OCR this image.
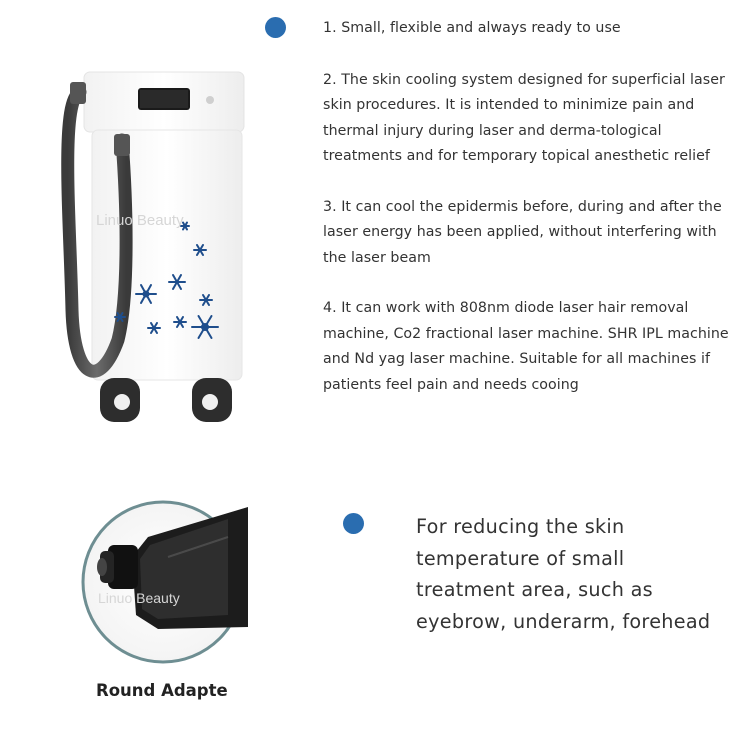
1. Small, flexible and always ready to use
2. The skin cooling system designed for superficial laser skin procedures. It is intended to minimize pain and thermal injury during laser and derma-tological treatments and for temporary topical anesthetic relief
3. It can cool the epidermis before, during and after the laser energy has been applied, without interfering with the laser beam
4. It can work with 808nm diode laser hair removal machine, Co2 fractional laser machine. SHR IPL machine and Nd yag laser machine. Suitable for all machines if patients feel pain and needs cooing
Linuo Beauty
Linuo Beauty
Round Adapte
For reducing the skin temperature of small treatment area, such as eyebrow, underarm, forehead
